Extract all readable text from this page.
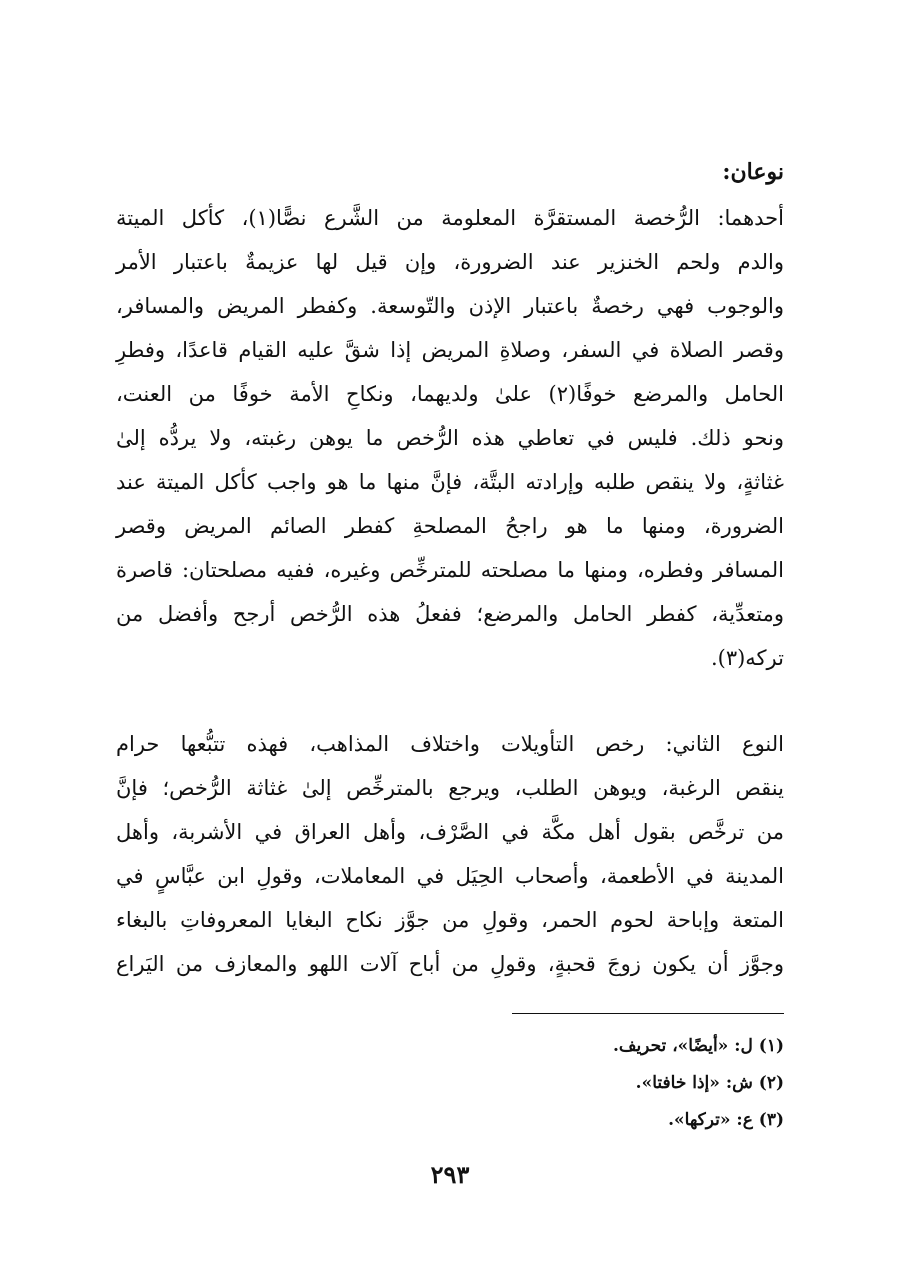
نوعان:
أحدهما: الرُّخصة المستقرَّة المعلومة من الشَّرع نصًّا(١)، كأكل الميتة
والدم ولحم الخنزير عند الضرورة، وإن قيل لها عزيمةٌ باعتبار الأمر
والوجوب فهي رخصةٌ باعتبار الإذن والتّوسعة. وكفطر المريض والمسافر،
وقصر الصلاة في السفر، وصلاةِ المريض إذا شقَّ عليه القيام قاعدًا، وفطرِ
الحامل والمرضع خوفًا(٢) علىٰ ولديهما، ونكاحِ الأمة خوفًا من العنت،
ونحو ذلك. فليس في تعاطي هذه الرُّخص ما يوهن رغبته، ولا يردُّه إلىٰ
غثاثةٍ، ولا ينقص طلبه وإرادته البتَّة، فإنَّ منها ما هو واجب كأكل الميتة عند
الضرورة، ومنها ما هو راجحُ المصلحةِ كفطر الصائم المريض وقصر
المسافر وفطره، ومنها ما مصلحته للمترخِّص وغيره، ففيه مصلحتان: قاصرة
ومتعدِّية، كفطر الحامل والمرضع؛ ففعلُ هذه الرُّخص أرجح وأفضل من
تركه(٣).
النوع الثاني: رخص التأويلات واختلاف المذاهب، فهذه تتبُّعها حرام
ينقص الرغبة، ويوهن الطلب، ويرجع بالمترخِّص إلىٰ غثاثة الرُّخص؛ فإنَّ
من ترخَّص بقول أهل مكَّة في الصَّرْف، وأهل العراق في الأشربة، وأهل
المدينة في الأطعمة، وأصحاب الحِيَل في المعاملات، وقولِ ابن عبَّاسٍ في
المتعة وإباحة لحوم الحمر، وقولِ من جوَّز نكاح البغايا المعروفاتِ بالبغاء
وجوَّز أن يكون زوجَ قحبةٍ، وقولِ من أباح آلات اللهو والمعازف من اليَراع
(١) ل: «أيضًا»، تحريف.
(٢) ش: «إذا خافتا».
(٣) ع: «تركها».
٢٩٣
